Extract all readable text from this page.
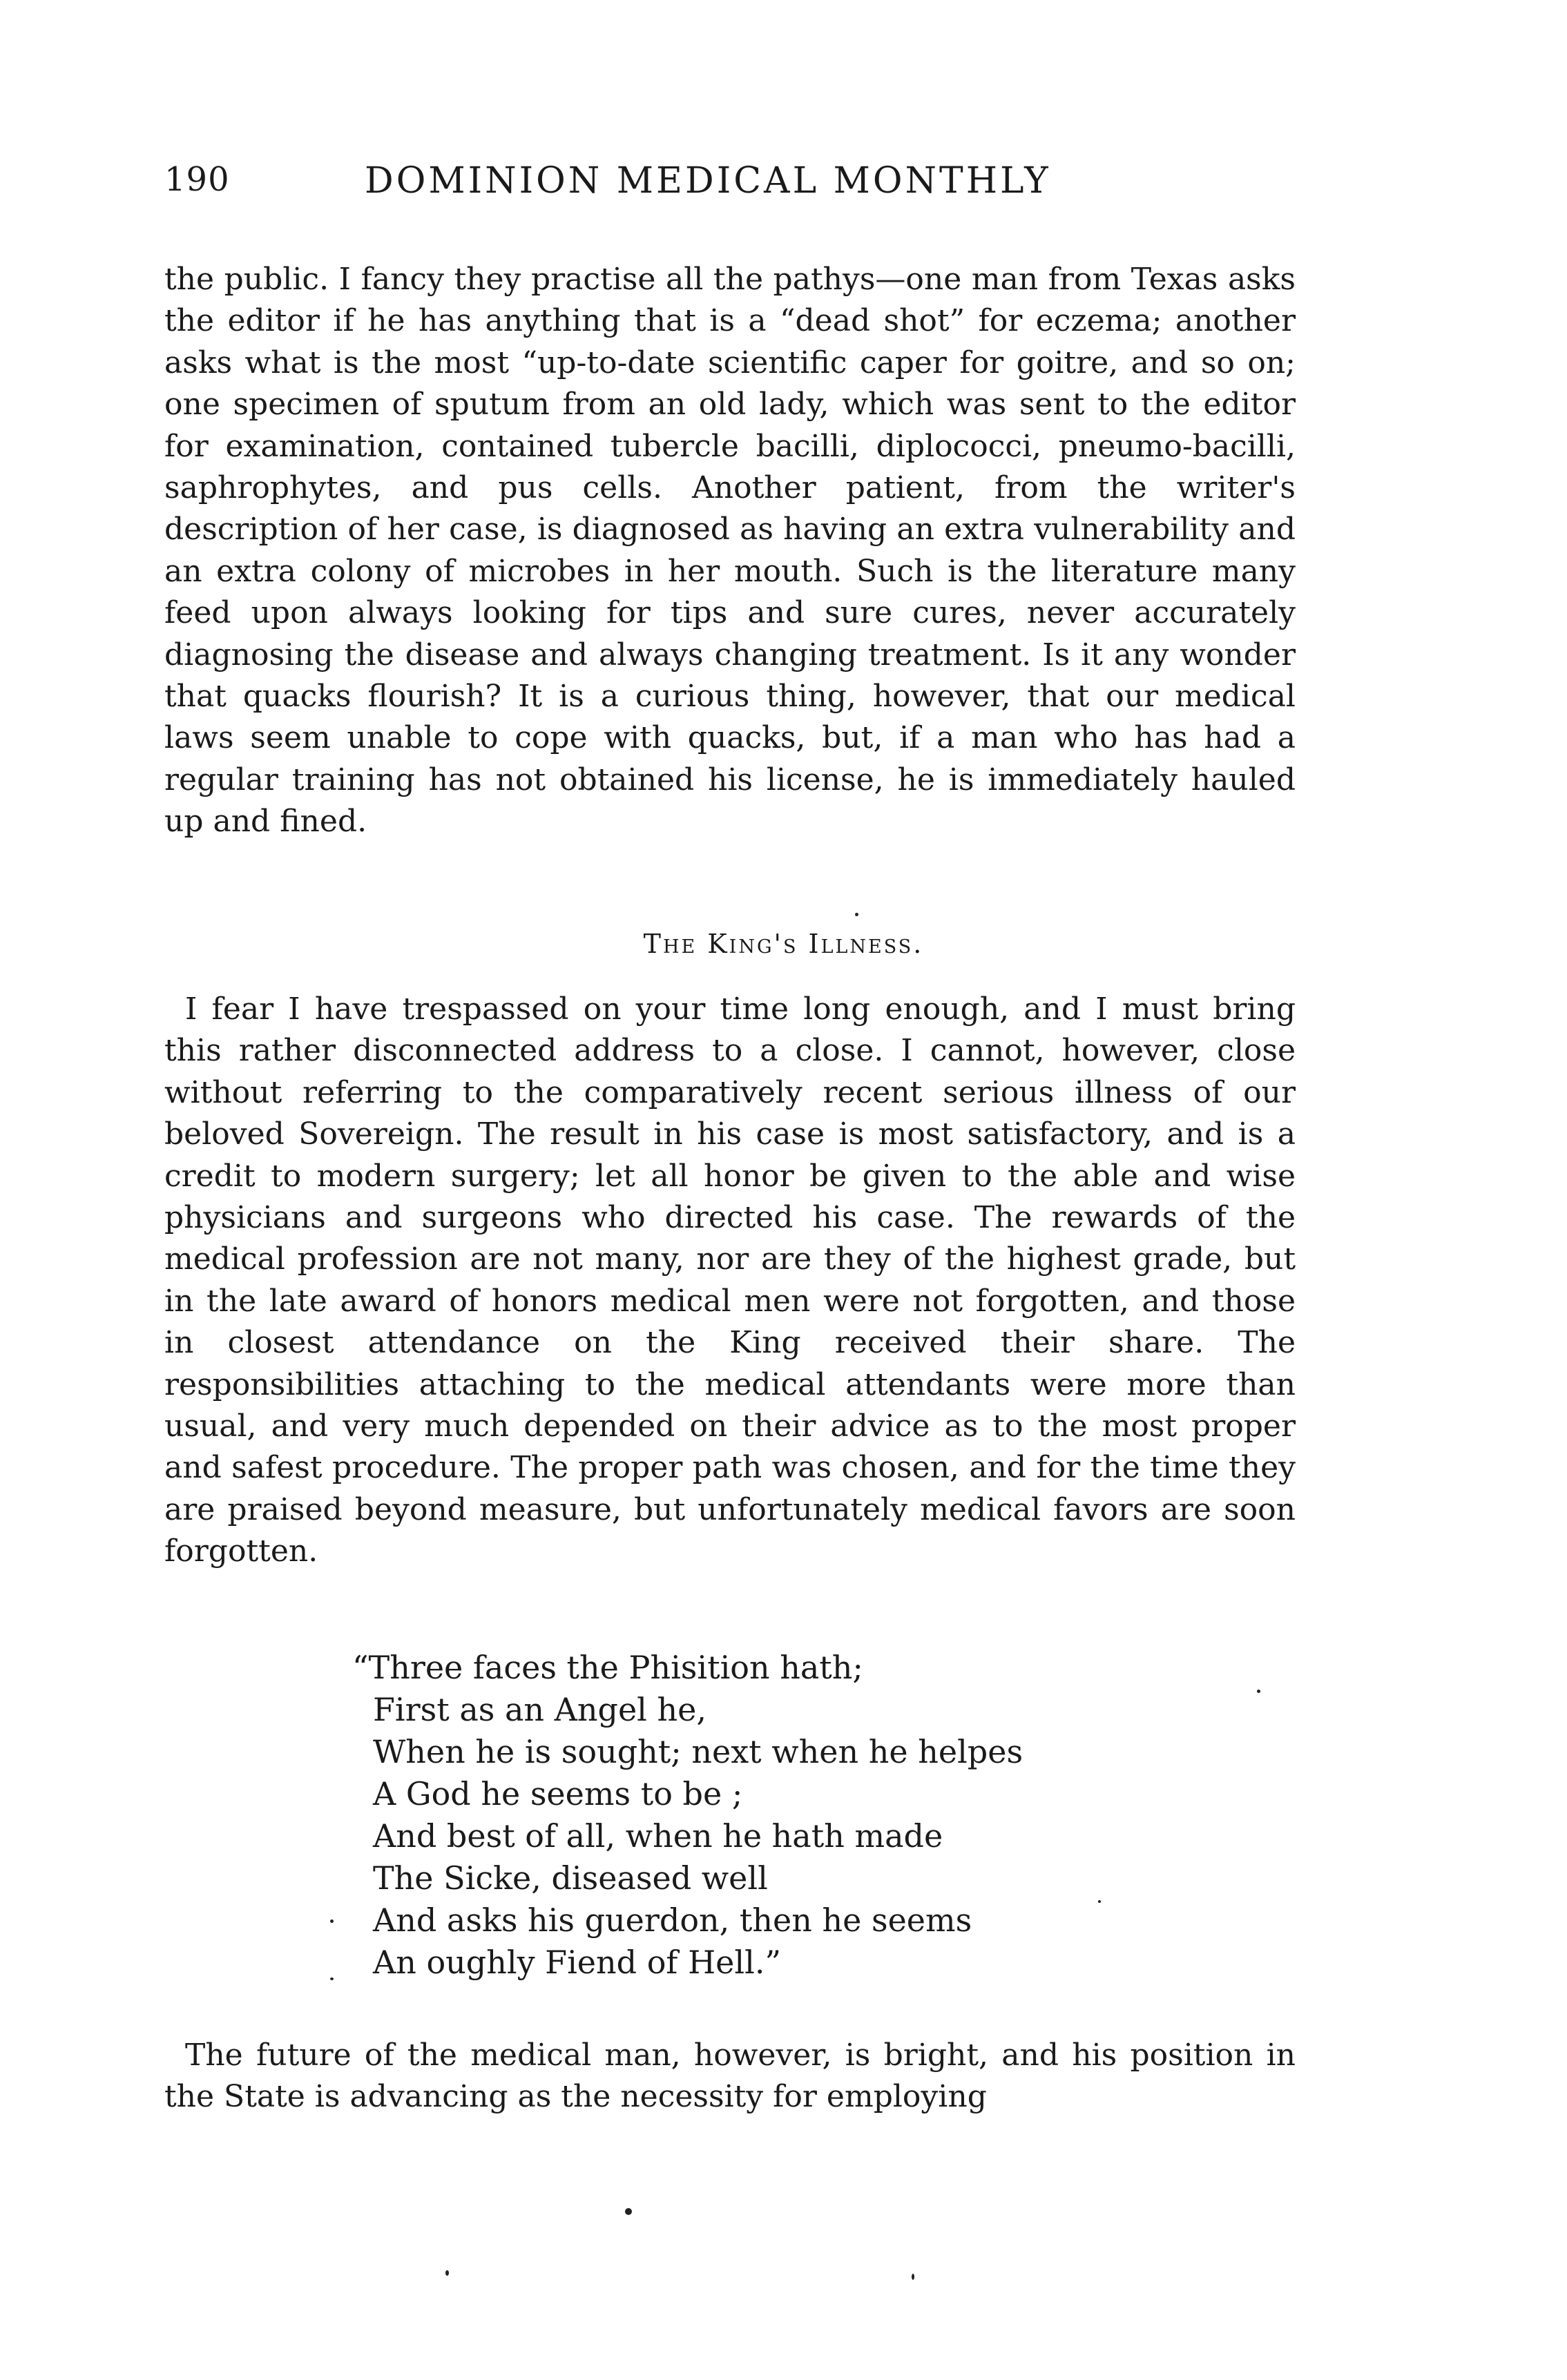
190	DOMINION MEDICAL MONTHLY

the public. I fancy they practise all the pathys—one man from Texas asks the editor if he has anything that is a “dead shot” for eczema; another asks what is the most “up-to-date scientific caper for goitre, and so on; one specimen of sputum from an old lady, which was sent to the editor for examination, contained tubercle bacilli, diplococci, pneumo-bacilli, saphrophytes, and pus cells. Another patient, from the writer's description of her case, is diagnosed as having an extra vulnerability and an extra colony of microbes in her mouth. Such is the literature many feed upon always looking for tips and sure cures, never accurately diagnosing the disease and always changing treatment. Is it any wonder that quacks flourish? It is a curious thing, however, that our medical laws seem unable to cope with quacks, but, if a man who has had a regular training has not obtained his license, he is immediately hauled up and fined.

The King's Illness.

I fear I have trespassed on your time long enough, and I must bring this rather disconnected address to a close. I cannot, however, close without referring to the comparatively recent serious illness of our beloved Sovereign. The result in his case is most satisfactory, and is a credit to modern surgery; let all honor be given to the able and wise physicians and surgeons who directed his case. The rewards of the medical profession are not many, nor are they of the highest grade, but in the late award of honors medical men were not forgotten, and those in closest attendance on the King received their share. The responsibilities attaching to the medical attendants were more than usual, and very much depended on their advice as to the most proper and safest procedure. The proper path was chosen, and for the time they are praised beyond measure, but unfortunately medical favors are soon forgotten.

“Three faces the Phisition hath;
First as an Angel he,
When he is sought; next when he helpes
A God he seems to be ;
And best of all, when he hath made
The Sicke, diseased well
And asks his guerdon, then he seems
An oughly Fiend of Hell.”

The future of the medical man, however, is bright, and his position in the State is advancing as the necessity for employing
